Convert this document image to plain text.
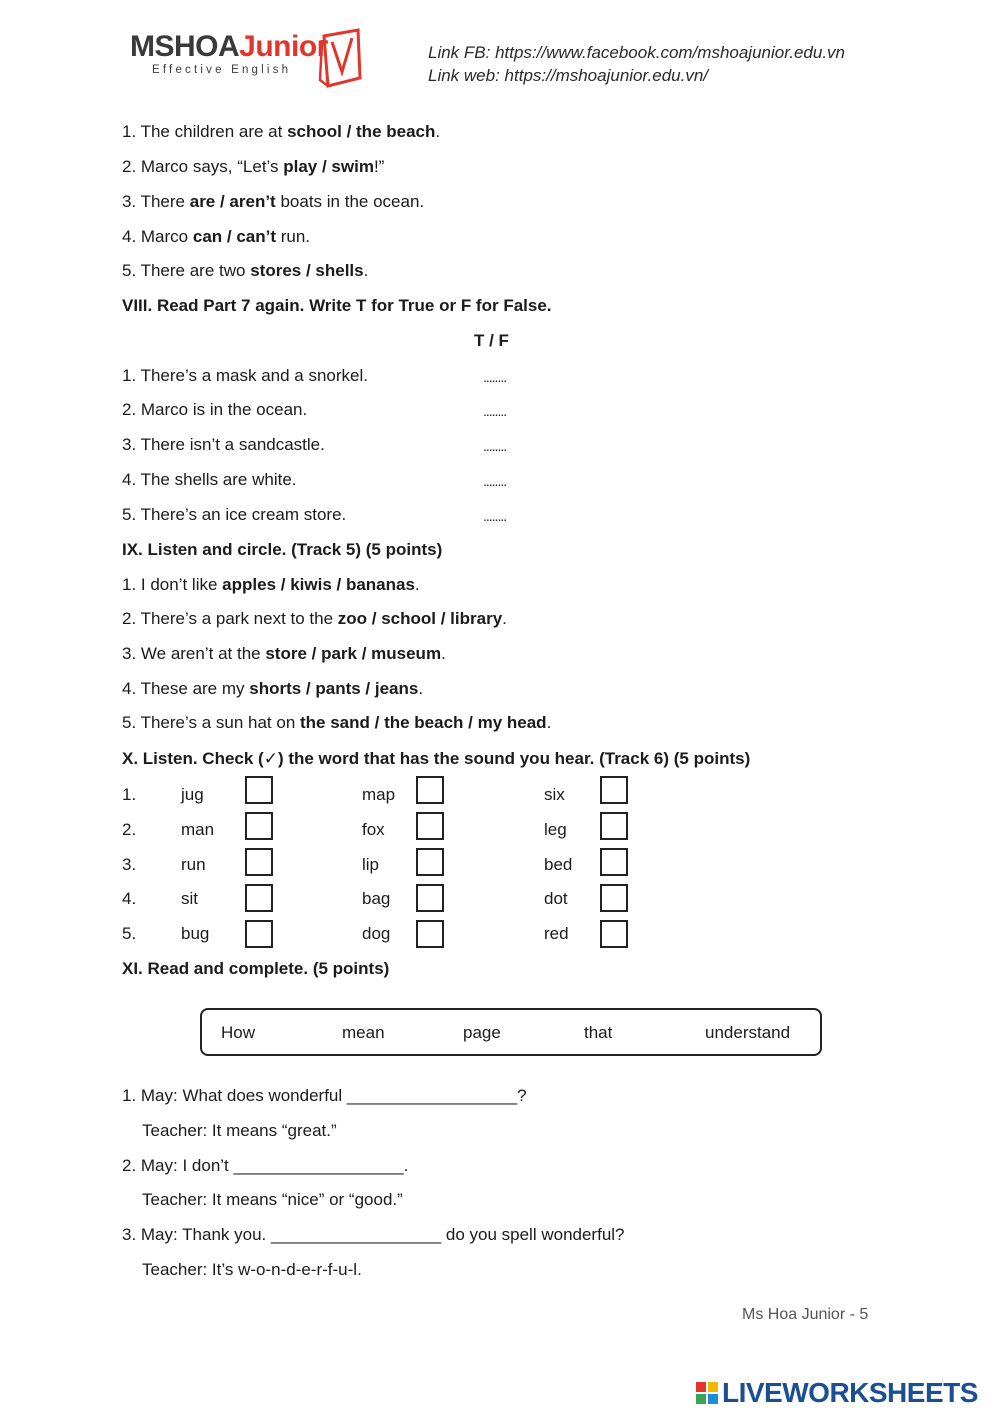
MSHOAJunior
Effective English
Link FB: https://www.facebook.com/mshoajunior.edu.vn
Link web: https://mshoajunior.edu.vn/
1. The children are at school / the beach.
2. Marco says, “Let’s play / swim!”
3. There are / aren’t boats in the ocean.
4. Marco can / can’t run.
5. There are two stores / shells.
VIII. Read Part 7 again. Write T for True or F for False.
T / F
1. There’s a mask and a snorkel.	........
2. Marco is in the ocean.	........
3. There isn’t a sandcastle.	........
4. The shells are white.	........
5. There’s an ice cream store.	........
IX. Listen and circle. (Track 5) (5 points)
1. I don’t like apples / kiwis / bananas.
2. There’s a park next to the zoo / school / library.
3. We aren’t at the store / park / museum.
4. These are my shorts / pants / jeans.
5. There’s a sun hat on the sand / the beach / my head.
X. Listen. Check (✓) the word that has the sound you hear. (Track 6) (5 points)
1.	jug	map	six
2.	man	fox	leg
3.	run	lip	bed
4.	sit	bag	dot
5.	bug	dog	red
XI. Read and complete. (5 points)
How	mean	page	that	understand
1. May: What does wonderful __________________?
Teacher: It means “great.”
2. May: I don’t __________________.
Teacher: It means “nice” or “good.”
3. May: Thank you. __________________ do you spell wonderful?
Teacher: It’s w-o-n-d-e-r-f-u-l.
Ms Hoa Junior - 5
LIVEWORKSHEETS
